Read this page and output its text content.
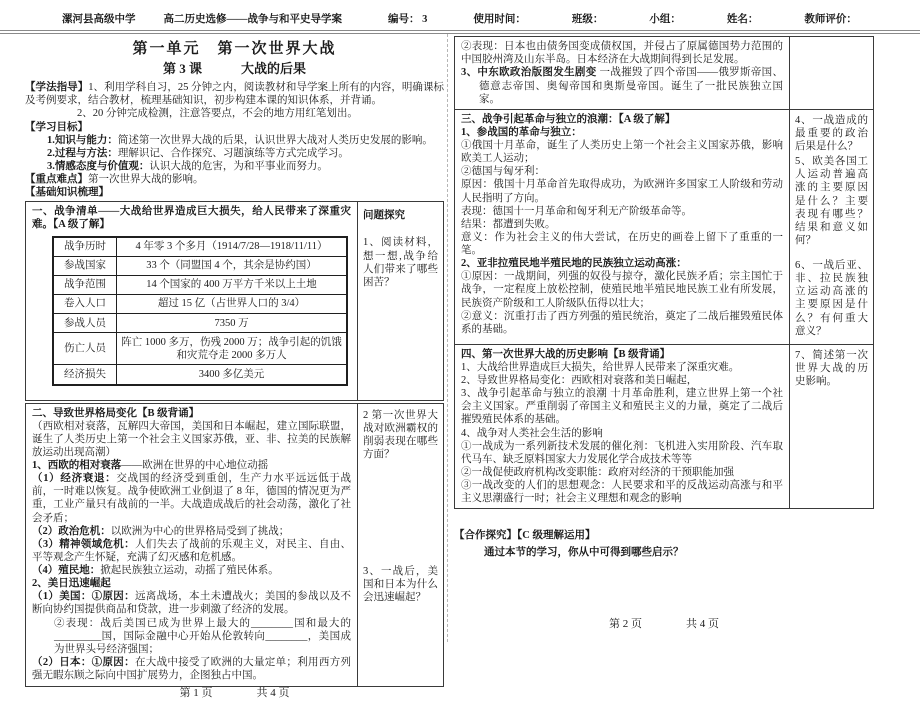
漯河县高级中学	高二历史选修——战争与和平史导学案	编号： 3	使用时间：	班级：	小组：	姓名：	教师评价：
第一单元　第一次世界大战
第 3 课　　　大战的后果

【学法指导】1、利用学科自习，25 分钟之内，阅读教材和导学案上所有的内容，明确课标及考例要求，结合教材，梳理基础知识，初步构建本课的知识体系，并背诵。

2、20 分钟完成检测，注意答要点，不会的地方用红笔划出。

【学习目标】

1.知识与能力：简述第一次世界大战的后果，认识世界大战对人类历史发展的影响。

2.过程与方法：理解识记、合作探究、习题演练等方式完成学习。

3.情感态度与价值观：认识大战的危害，为和平事业而努力。

【重点难点】第一次世界大战的影响。

【基础知识梳理】

一、战争清单——大战给世界造成巨大损失，给人民带来了深重灾难。【A 级了解】

战争历时	4 年零 3 个多月（1914/7/28—1918/11/11）
参战国家	33 个（同盟国 4 个，其余是协约国）
战争范围	14 个国家的 400 万平方千米以上土地
卷入人口	超过 15 亿（占世界人口的 3/4）
参战人员	7350 万
伤亡人员	阵亡 1000 多万，伤残 2000 万；战争引起的饥饿和灾荒夺走 2000 多万人
经济损失	3400 多亿美元
问题探究

1、阅读材料，想一想,战争给人们带来了哪些困苦？

二、导致世界格局变化【B 级背诵】

（西欧相对衰落，瓦解四大帝国，美国和日本崛起，建立国际联盟，诞生了人类历史上第一个社会主义国家苏俄，亚、非、拉美的民族解放运动出现高潮）

1、西欧的相对衰落——欧洲在世界的中心地位动摇

（1）经济衰退：交战国的经济受到重创，生产力水平远远低于战前，一时难以恢复。战争使欧洲工业倒退了 8 年，德国的情况更为严重，工业产量只有战前的一半。大战造成战后的社会动荡，激化了社会矛盾；

（2）政治危机：以欧洲为中心的世界格局受到了挑战；

（3）精神领域危机：人们失去了战前的乐观主义，对民主、自由、平等观念产生怀疑，充满了幻灭感和危机感。

（4）殖民地：掀起民族独立运动，动摇了殖民体系。

2、美日迅速崛起

（1）美国：①原因：远离战场，本土未遭战火；美国的参战以及不断向协约国提供商品和贷款，进一步刺激了经济的发展。

②表现：战后美国已成为世界上最大的________国和最大的_________国，国际金融中心开始从伦敦转向________，美国成为世界头号经济强国；

（2）日本：①原因：在大战中接受了欧洲的大量定单；利用西方列强无暇东顾之际向中国扩展势力，企图独占中国。

2 第一次世界大战对欧洲霸权的削弱表现在哪些方面？

3、一战后，美国和日本为什么会迅速崛起？

第 1 页　　　　共 4 页

②表现：日本也由债务国变成债权国，并侵占了原属德国势力范围的中国胶州湾及山东半岛。日本经济在大战期间得到长足发展。

3、中东欧政治版图发生剧变 一战摧毁了四个帝国——俄罗斯帝国、德意志帝国、奥匈帝国和奥斯曼帝国。诞生了一批民族独立国家。

三、战争引起革命与独立的浪潮：【A 级了解】

1、参战国的革命与独立：

①俄国十月革命，诞生了人类历史上第一个社会主义国家苏俄，影响欧美工人运动；

②德国与匈牙利：

原因：俄国十月革命首先取得成功，为欧洲许多国家工人阶级和劳动人民指明了方向。

表现：德国十一月革命和匈牙利无产阶级革命等。

结果：都遭到失败。

意义：作为社会主义的伟大尝试，在历史的画卷上留下了重重的一笔。

2、亚非拉殖民地半殖民地的民族独立运动高涨：

①原因：一战期间，列强的奴役与掠夺，激化民族矛盾；宗主国忙于战争，一定程度上放松控制，使殖民地半殖民地民族工业有所发展，民族资产阶级和工人阶级队伍得以壮大；

②意义：沉重打击了西方列强的殖民统治，奠定了二战后摧毁殖民体系的基础。

4、一战造成的最重要的政治后果是什么？

5、欧美各国工人运动普遍高涨的主要原因是什么？主要表现有哪些？结果和意义如何？

6、一战后亚、非、拉民族独立运动高涨的主要原因是什么？有何重大意义？

四、第一次世界大战的历史影响【B 级背诵】

1、大战给世界造成巨大损失，给世界人民带来了深重灾难。

2、导致世界格局变化：西欧相对衰落和美日崛起，

3、战争引起革命与独立的浪潮 十月革命胜利，建立世界上第一个社会主义国家。严重削弱了帝国主义和殖民主义的力量，奠定了二战后摧毁殖民体系的基础。

4、战争对人类社会生活的影响

①一战成为一系列新技术发展的催化剂：飞机进入实用阶段、汽车取代马车、缺乏原料国家大力发展化学合成技术等等

②一战促使政府机构改变职能：政府对经济的干预职能加强

③一战改变的人们的思想观念：人民要求和平的反战运动高涨与和平主义思潮盛行一时；社会主义理想和观念的影响

7、简述第一次世界大战的历史影响。

【合作探究】【C 级理解运用】

通过本节的学习，你从中可得到哪些启示？

第 2 页　　　　共 4 页
